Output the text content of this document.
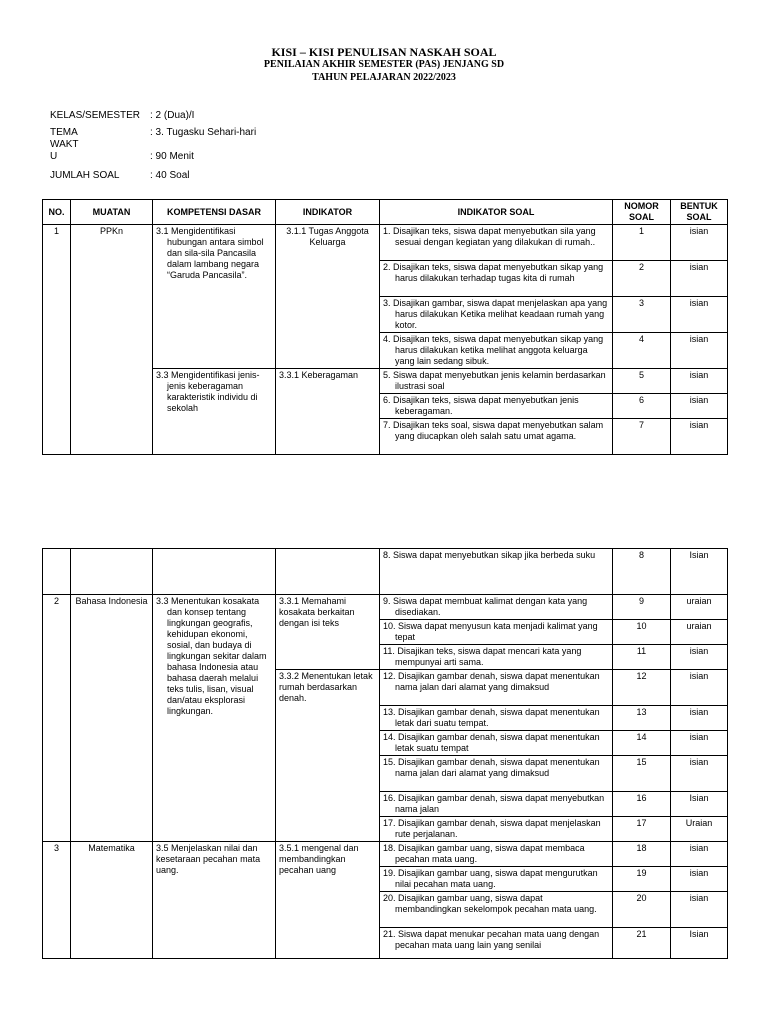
KISI – KISI PENULISAN NASKAH SOAL
PENILAIAN AKHIR SEMESTER (PAS) JENJANG SD
TAHUN PELAJARAN 2022/2023
KELAS/SEMESTER : 2 (Dua)/I
TEMA	: 3. Tugasku Sehari-hari
WAKT
U	: 90 Menit
JUMLAH SOAL	: 40 Soal
NO.	MUATAN	KOMPETENSI DASAR	INDIKATOR	INDIKATOR SOAL	NOMOR SOAL	BENTUK SOAL
1	PPKn	3.1 Mengidentifikasi hubungan antara simbol dan sila-sila Pancasila dalam lambang negara “Garuda Pancasila”.	3.1.1 Tugas Anggota Keluarga	1. Disajikan teks, siswa dapat menyebutkan sila yang sesuai dengan kegiatan yang dilakukan di rumah..	1	isian
				2. Disajikan teks, siswa dapat menyebutkan sikap yang harus dilakukan terhadap tugas kita di rumah	2	isian
				3. Disajikan gambar, siswa dapat menjelaskan apa yang harus dilakukan Ketika melihat keadaan rumah yang kotor.	3	isian
				4. Disajikan teks, siswa dapat menyebutkan sikap yang harus dilakukan ketika melihat anggota keluarga yang lain sedang sibuk.	4	isian
		3.3 Mengidentifikasi jenis-jenis keberagaman karakteristik individu di sekolah	3.3.1 Keberagaman	5. Siswa dapat menyebutkan jenis kelamin berdasarkan ilustrasi soal	5	isian
				6. Disajikan teks, siswa dapat menyebutkan jenis keberagaman.	6	isian
				7. Disajikan teks soal, siswa dapat menyebutkan salam yang diucapkan oleh salah satu umat agama.	7	isian
				8. Siswa dapat menyebutkan sikap jika berbeda suku	8	Isian
2	Bahasa Indonesia	3.3 Menentukan kosakata dan konsep tentang lingkungan geografis, kehidupan ekonomi, sosial, dan budaya di lingkungan sekitar dalam bahasa Indonesia atau bahasa daerah melalui teks tulis, lisan, visual dan/atau eksplorasi lingkungan.	3.3.1 Memahami kosakata berkaitan dengan isi teks	9. Siswa dapat membuat kalimat dengan kata yang disediakan.	9	uraian
				10. Siswa dapat menyusun kata menjadi kalimat yang tepat	10	uraian
				11. Disajikan teks, siswa dapat mencari kata yang mempunyai arti sama.	11	isian
			3.3.2 Menentukan letak rumah berdasarkan denah.	12. Disajikan gambar denah, siswa dapat menentukan nama jalan dari alamat yang dimaksud	12	isian
				13. Disajikan gambar denah, siswa dapat menentukan letak dari suatu tempat.	13	isian
				14. Disajikan gambar denah, siswa dapat menentukan letak suatu tempat	14	isian
				15. Disajikan gambar denah, siswa dapat menentukan nama jalan dari alamat yang dimaksud	15	isian
				16. Disajikan gambar denah, siswa dapat menyebutkan nama jalan	16	Isian
				17. Disajikan gambar denah, siswa dapat menjelaskan rute perjalanan.	17	Uraian
3	Matematika	3.5 Menjelaskan nilai dan kesetaraan pecahan mata uang.	3.5.1 mengenal dan membandingkan pecahan uang	18. Disajikan gambar uang, siswa dapat membaca pecahan mata uang.	18	isian
				19. Disajikan gambar uang, siswa dapat mengurutkan nilai pecahan mata uang.	19	isian
				20. Disajikan gambar uang, siswa dapat membandingkan sekelompok pecahan mata uang.	20	isian
				21. Siswa dapat menukar pecahan mata uang dengan pecahan mata uang lain yang senilai	21	Isian
